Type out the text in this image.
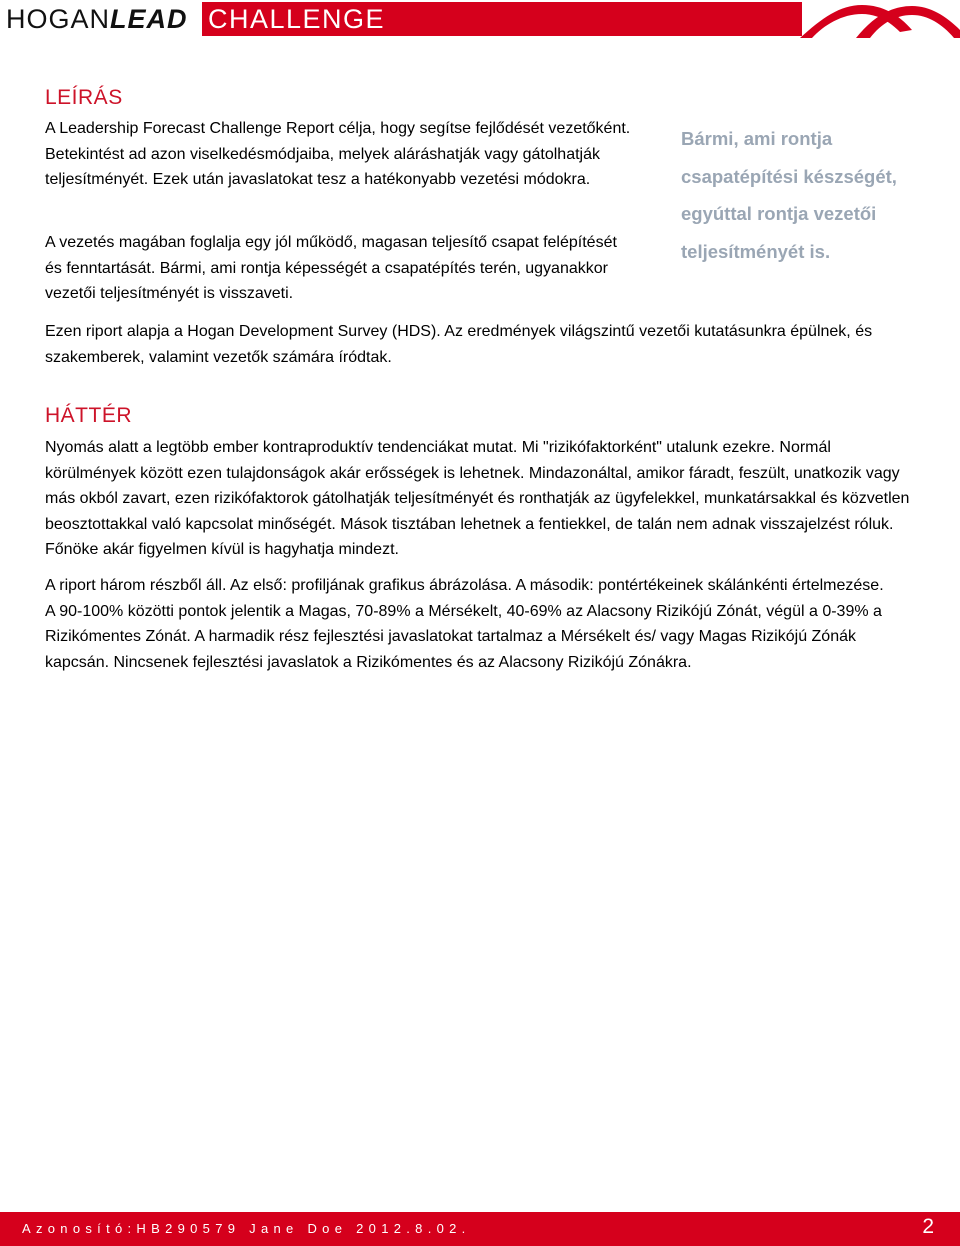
HOGANLEAD CHALLENGE
LEÍRÁS

A Leadership Forecast Challenge Report célja, hogy segítse fejlődését vezetőként. Betekintést ad azon viselkedésmódjaiba, melyek aláráshatják vagy gátolhatják teljesítményét. Ezek után javaslatokat tesz a hatékonyabb vezetési módokra.

A vezetés magában foglalja egy jól működő, magasan teljesítő csapat felépítését és fenntartását. Bármi, ami rontja képességét a csapatépítés terén, ugyanakkor vezetői teljesítményét is visszaveti.

Bármi, ami rontja csapatépítési készségét, egyúttal rontja vezetői teljesítményét is.

Ezen riport alapja a Hogan Development Survey (HDS). Az eredmények világszintű vezetői kutatásunkra épülnek, és szakemberek, valamint vezetők számára íródtak.

HÁTTÉR

Nyomás alatt a legtöbb ember kontraproduktív tendenciákat mutat. Mi "rizikófaktorként" utalunk ezekre. Normál körülmények között ezen tulajdonságok akár erősségek is lehetnek. Mindazonáltal, amikor fáradt, feszült, unatkozik vagy más okból zavart, ezen rizikófaktorok gátolhatják teljesítményét és ronthatják az ügyfelekkel, munkatársakkal és közvetlen beosztottakkal való kapcsolat minőségét. Mások tisztában lehetnek a fentiekkel, de talán nem adnak visszajelzést róluk. Főnöke akár figyelmen kívül is hagyhatja mindezt.

A riport három részből áll. Az első: profiljának grafikus ábrázolása. A második: pontértékeinek skálánkénti értelmezése. A 90-100% közötti pontok jelentik a Magas, 70-89% a Mérsékelt, 40-69% az Alacsony Rizikójú Zónát, végül a 0-39% a Rizikómentes Zónát. A harmadik rész fejlesztési javaslatokat tartalmaz a Mérsékelt és/ vagy Magas Rizikójú Zónák kapcsán. Nincsenek fejlesztési javaslatok a Rizikómentes és az Alacsony Rizikójú Zónákra.

Azonosító:HB290579 Jane Doe 2012.8.02.	2
